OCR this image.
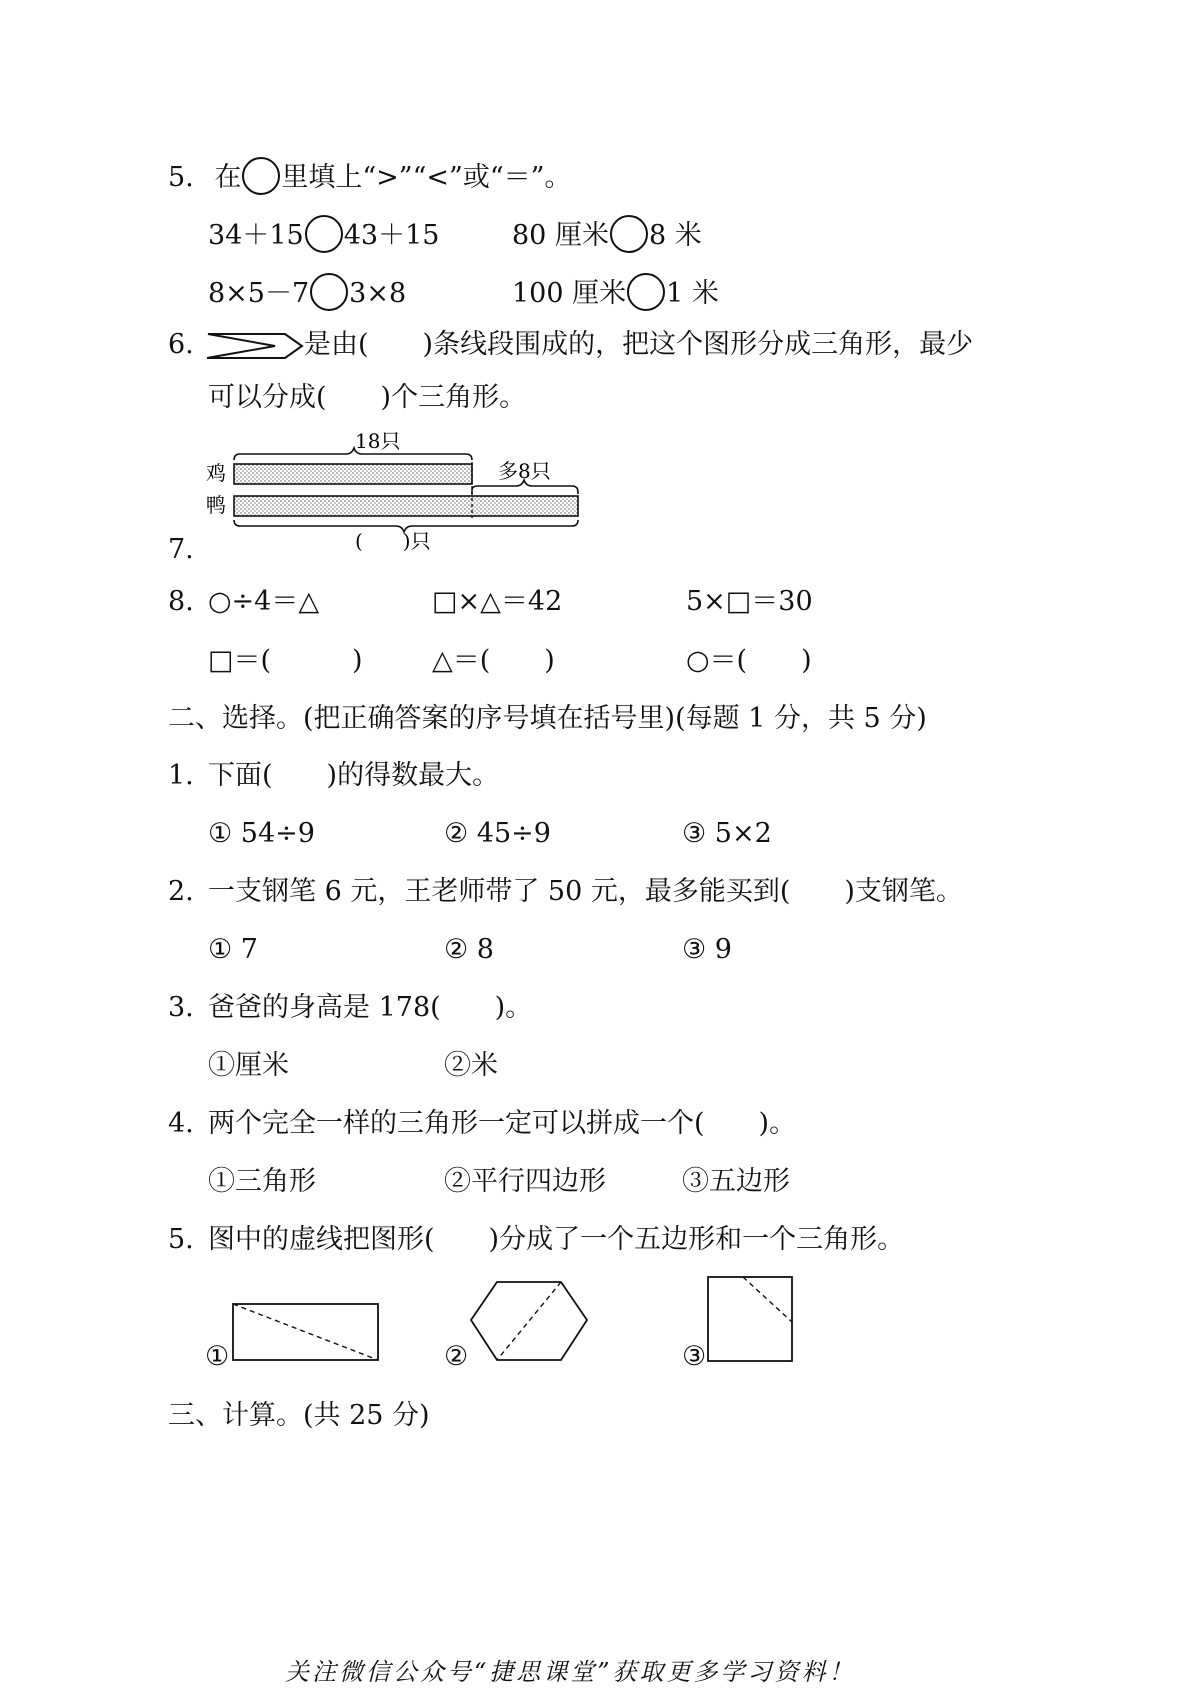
5. 在 里填上“>”“<”或“＝”。
34＋15 43＋15	80 厘米 8 米
8×5－7 3×8	100 厘米 1 米
6.	是由(　　)条线段围成的，把这个图形分成三角形，最少
可以分成(　　)个三角形。
7.
18只
鸡	多8只
鸭
(　　)只
8. ○÷4＝△	□×△＝42	5×□＝30
□＝(　　　)	△＝(　　)	○＝(　　)
二、选择。(把正确答案的序号填在括号里)(每题 1 分，共 5 分)
1. 下面(　　)的得数最大。
① 54÷9	② 45÷9	③ 5×2
2. 一支钢笔 6 元，王老师带了 50 元，最多能买到(　　)支钢笔。
① 7	② 8	③ 9
3. 爸爸的身高是 178(　　)。
①厘米	②米
4. 两个完全一样的三角形一定可以拼成一个(　　)。
①三角形	②平行四边形	③五边形
5. 图中的虚线把图形(　　)分成了一个五边形和一个三角形。
①	②	③
三、计算。(共 25 分)
关注微信公众号“捷思课堂”获取更多学习资料！
